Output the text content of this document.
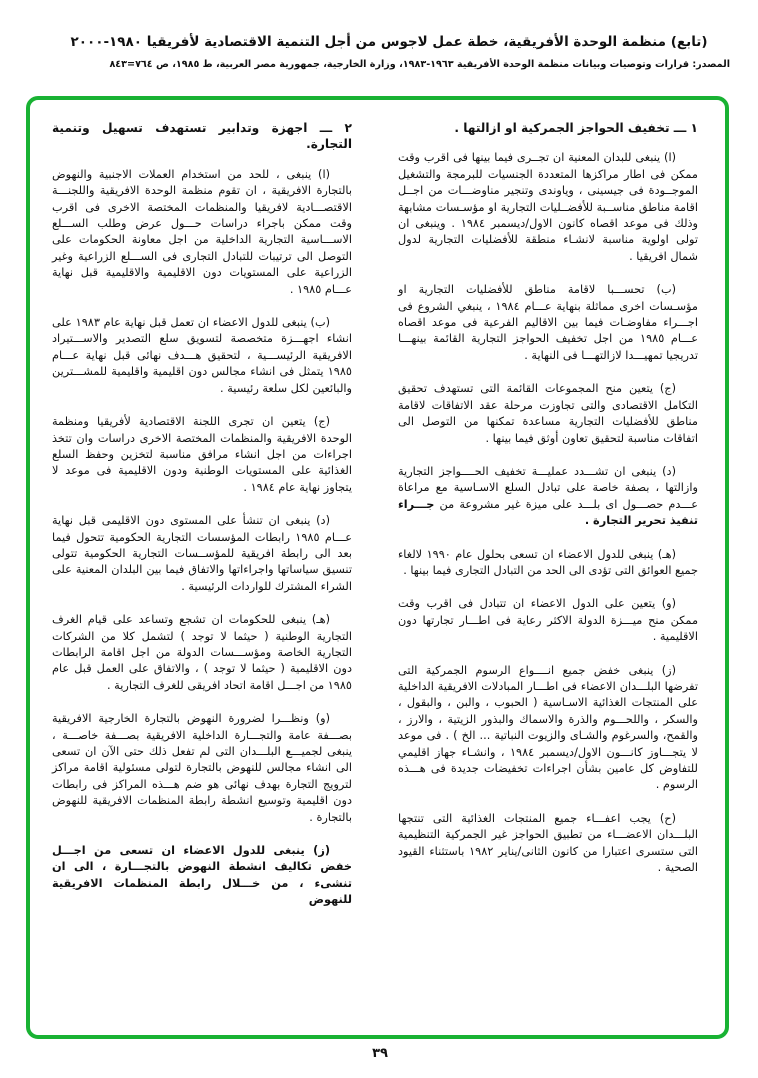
(تابع) منظمة الوحدة الأفريقية، خطة عمل لاجوس من أجل التنمية الاقتصادية لأفريقيا ١٩٨٠-٢٠٠٠
المصدر: قرارات وتوصيات وبيانات منظمة الوحدة الأفريقية ١٩٦٣-١٩٨٣، وزارة الخارجية، جمهورية مصر العربية، ط ١٩٨٥، ص ٧٦٤=٨٤٣

١ ـــ تخفيف الحواجز الجمركية او ازالتها .

(ا) ينبغى للبدان المعنية ان تجــرى فيما بينها فى اقرب وقت ممكن فى اطار مراكزها المتعددة الجنسيات للبرمجة والتشغيل الموجــودة فى جيسينى ، وياوندى وتنجير مناوضـــات من اجــل اقامة مناطق مناســبة للأفضــليات التجارية او مؤسـسات مشابهة وذلك فى موعد اقصاه كانون الاول/ديسمبر ١٩٨٤ . وينبغى ان تولى اولوية مناسبة لانشـاء منطقة للأفضليات التجارية لدول شمال افريقيا .

(ب) تحســـبا لاقامة مناطق للأفضليات التجارية او مؤسـسات اخرى مماثلة بنهاية عـــام ١٩٨٤ ، ينبغي الشروع فى اجـــراء مفاوضـات فيما بين الاقاليم الفرعية فى موعد اقصاه عـــام ١٩٨٥ من اجل تخفيف الحواجز التجارية القائمة بينهـــا تدريجيا تمهيـــدا لازالتهـــا فى النهاية .

(ج) يتعين منح المجموعات القائمة التى تستهدف تحقيق التكامل الاقتصادى والتى تجاوزت مرحلة عقد الاتفاقات لاقامة مناطق للأفضليات التجارية مساعدة تمكنها من التوصل الى اتفاقات مناسبة لتحقيق تعاون أوثق فيما بينها .

(د) ينبغى ان تشـــدد عمليـــة تخفيف الحــــواجز التجارية وازالتها ، بصفة خاصة على تبادل السلع الاسـاسية مع مراعاة عـــدم حصـــول اى بلـــد على ميزة غير مشروعة من جـــراء تنفيذ تحرير التجارة .

(هـ) ينبغى للدول الاعضاء ان تسعى بحلول عام ١٩٩٠ لالغاء جميع العوائق التى تؤدى الى الحد من التبادل التجارى فيما بينها .

(و) يتعين على الدول الاعضاء ان تتبادل فى اقرب وقت ممكن منح ميـــزة الدولة الاكثر رعاية فى اطـــار تجارتها دون الاقليمية .

(ز) ينبغى خفض جميع انــــواع الرسوم الجمركية التى تفرضها البلـــدان الاعضاء فى اطـــار المبادلات الافريقية الداخلية على المنتجات الغذائية الاسـاسية ( الحبوب ، والبن ، والبقول ، والسكر ، واللحـــوم والذرة والاسماك والبذور الزيتية ، والارز ، والقمح، والسرغوم والشـاى والزيوت النباتية ... الخ ) . فى موعد لا يتجـــاوز كانـــون الاول/ديسمبر ١٩٨٤ ، وانشـاء جهاز اقليمي للتفاوض كل عامين بشأن اجراءات تخفيضات جديدة فى هـــذه الرسوم .

(ح) يجب اعفـــاء جميع المنتجات الغذائية التى تنتجها البلـــدان الاعضـــاء من تطبيق الحواجز غير الجمركية التنظيمية التى ستسرى اعتبارا من كانون الثانى/يناير ١٩٨٢ باستثناء القيود الصحية .

٢ ـــ اجهزة وتدابير تستهدف تسهيل وتنمية التجارة.

(ا) ينبغى ، للحد من استخدام العملات الاجنبية والنهوض بالتجارة الافريقية ، ان تقوم منظمة الوحدة الافريقية واللجنـــة الاقتصـــادية لافريقيا والمنظمات المختصة الاخرى فى اقرب وقت ممكن باجراء دراسات حـــول عرض وطلب الســـلع الاســـاسية التجارية الداخلية من اجل معاونة الحكومات على التوصل الى ترتيبات للتبادل التجارى فى الســـلع الزراعية وغير الزراعية على المستويات دون الاقليمية والاقليمية قبل نهاية عـــام ١٩٨٥ .

(ب) ينبغى للدول الاعضاء ان تعمل قبل نهاية عام ١٩٨٣ على انشاء اجهـــزة متخصصة لتسويق سلع التصدير والاســـتيراد الافريقية الرئيســـية ، لتحقيق هـــدف نهائى قبل نهاية عـــام ١٩٨٥ يتمثل فى انشاء مجالس دون اقليمية واقليمية للمشـــترين والبائعين لكل سلعة رئيسية .

(ج) يتعين ان تجرى اللجنة الاقتصادية لأفريقيا ومنظمة الوحدة الافريقية والمنظمات المختصة الاخرى دراسات وان تتخذ اجراءات من اجل انشاء مرافق مناسبة لتخزين وحفظ السلع الغذائية على المستويات الوطنية ودون الاقليمية فى موعد لا يتجاوز نهاية عام ١٩٨٤ .

(د) ينبغى ان تنشأ على المستوى دون الاقليمى قبل نهاية عـــام ١٩٨٥ رابطات المؤسسات التجارية الحكومية تتحول فيما بعد الى رابطة افريقية للمؤســسات التجارية الحكومية تتولى تنسيق سياساتها واجراءاتها والاتفاق فيما بين البلدان المعنية على الشراء المشترك للواردات الرئيسية .

(هـ) ينبغى للحكومات ان تشجع وتساعد على قيام الغرف التجارية الوطنية ( حيثما لا توجد ) لتشمل كلا من الشركات التجارية الخاصة ومؤســـسات الدولة من اجل اقامة الرابطات دون الاقليمية ( حيثما لا توجد ) ، والاتفاق على العمل قبل عام ١٩٨٥ من اجـــل اقامة اتحاد افريقى للغرف التجارية .

(و) ونظـــرا لضرورة النهوض بالتجارة الخارجية الافريقية بصـــفة عامة والتجـــارة الداخلية الافريقية بصـــفة خاصـــة ، ينبغى لجميـــع البلـــدان التى لم تفعل ذلك حتى الآن ان تسعى الى انشاء مجالس للنهوض بالتجارة لتولى مسئولية اقامة مراكز لترويج التجارة بهدف نهائى هو ضم هـــذه المراكز فى رابطات دون اقليمية وتوسيع انشطة رابطة المنظمات الافريقية للنهوض بالتجارة .

(ز) ينبغى للدول الاعضاء ان تسعى من اجـــل خفض تكاليف انشطة النهوض بالتجـــارة ، الى ان تنشىء ، من خـــلال رابطة المنظمات الافريقية للنهوض

٣٩
